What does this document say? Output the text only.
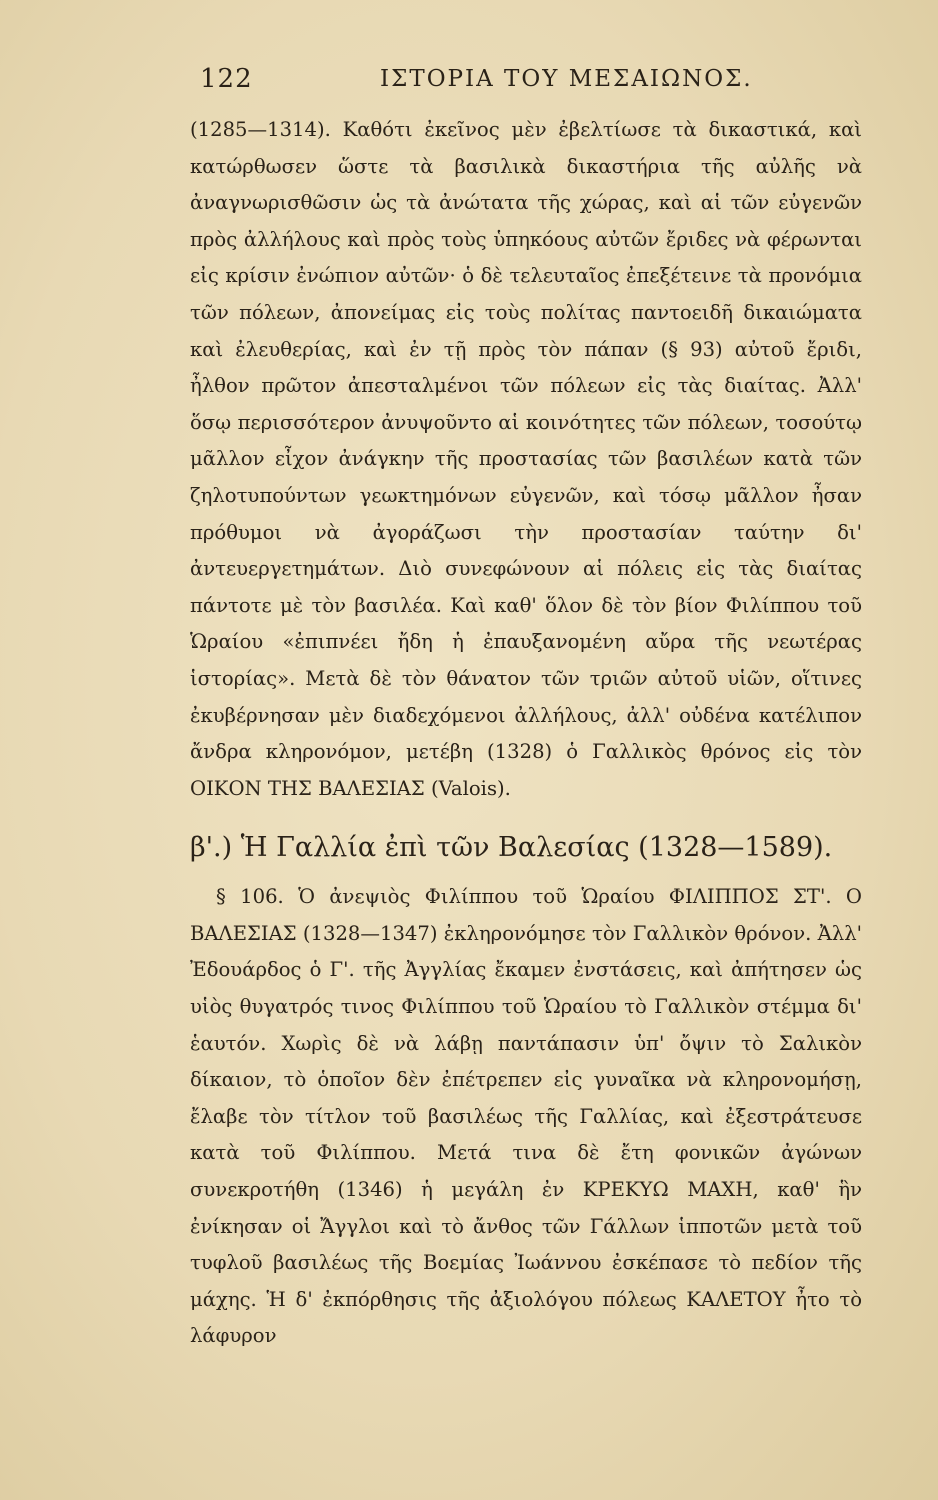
122	ΙΣΤΟΡΙΑ ΤΟΥ ΜΕΣΑΙΩΝΟΣ.

(1285—1314). Καθότι ἐκεῖνος μὲν ἐβελτίωσε τὰ δικαστικά, καὶ κατώρθωσεν ὥστε τὰ βασιλικὰ δικαστήρια τῆς αὐλῆς νὰ ἀναγνωρισθῶσιν ὡς τὰ ἀνώτατα τῆς χώρας, καὶ αἱ τῶν εὐγενῶν πρὸς ἀλλήλους καὶ πρὸς τοὺς ὑπηκόους αὐτῶν ἔριδες νὰ φέρωνται εἰς κρίσιν ἐνώπιον αὐτῶν· ὁ δὲ τελευταῖος ἐπεξέτεινε τὰ προνόμια τῶν πόλεων, ἀπονείμας εἰς τοὺς πολίτας παντοειδῆ δικαιώματα καὶ ἐλευθερίας, καὶ ἐν τῇ πρὸς τὸν πάπαν (§ 93) αὐτοῦ ἔριδι, ἦλθον πρῶτον ἀπεσταλμένοι τῶν πόλεων εἰς τὰς διαίτας. Ἀλλ' ὅσῳ περισσότερον ἀνυψοῦντο αἱ κοινότητες τῶν πόλεων, τοσούτῳ μᾶλλον εἶχον ἀνάγκην τῆς προστασίας τῶν βασιλέων κατὰ τῶν ζηλοτυπούντων γεωκτημόνων εὐγενῶν, καὶ τόσῳ μᾶλλον ἦσαν πρόθυμοι νὰ ἀγοράζωσι τὴν προστασίαν ταύτην δι' ἀντευεργετημάτων. Διὸ συνεφώνουν αἱ πόλεις εἰς τὰς διαίτας πάντοτε μὲ τὸν βασιλέα. Καὶ καθ' ὅλον δὲ τὸν βίον Φιλίππου τοῦ Ὡραίου «ἐπιπνέει ἤδη ἡ ἐπαυξανομένη αὔρα τῆς νεωτέρας ἱστορίας». Μετὰ δὲ τὸν θάνατον τῶν τριῶν αὐτοῦ υἱῶν, οἵτινες ἐκυβέρνησαν μὲν διαδεχόμενοι ἀλλήλους, ἀλλ' οὐδένα κατέλιπον ἄνδρα κληρονόμον, μετέβη (1328) ὁ Γαλλικὸς θρόνος εἰς τὸν ΟΙΚΟΝ ΤΗΣ ΒΑΛΕΣΙΑΣ (Valois).

β'.) Ἡ Γαλλία ἐπὶ τῶν Βαλεσίας (1328—1589).

§ 106. Ὁ ἀνεψιὸς Φιλίππου τοῦ Ὡραίου ΦΙΛΙΠΠΟΣ ΣΤ'. Ο ΒΑΛΕΣΙΑΣ (1328—1347) ἐκληρονόμησε τὸν Γαλλικὸν θρόνον. Ἀλλ' Ἐδουάρδος ὁ Γ'. τῆς Ἀγγλίας ἔκαμεν ἐνστάσεις, καὶ ἀπήτησεν ὡς υἱὸς θυγατρός τινος Φιλίππου τοῦ Ὡραίου τὸ Γαλλικὸν στέμμα δι' ἑαυτόν. Χωρὶς δὲ νὰ λάβῃ παντάπασιν ὑπ' ὄψιν τὸ Σαλικὸν δίκαιον, τὸ ὁποῖον δὲν ἐπέτρεπεν εἰς γυναῖκα νὰ κληρονομήσῃ, ἔλαβε τὸν τίτλον τοῦ βασιλέως τῆς Γαλλίας, καὶ ἐξεστράτευσε κατὰ τοῦ Φιλίππου. Μετά τινα δὲ ἔτη φονικῶν ἀγώνων συνεκροτήθη (1346) ἡ μεγάλη ἐν ΚΡΕΚΥΩ ΜΑΧΗ, καθ' ἣν ἐνίκησαν οἱ Ἄγγλοι καὶ τὸ ἄνθος τῶν Γάλλων ἱπποτῶν μετὰ τοῦ τυφλοῦ βασιλέως τῆς Βοεμίας Ἰωάννου ἐσκέπασε τὸ πεδίον τῆς μάχης. Ἡ δ' ἐκπόρθησις τῆς ἀξιολόγου πόλεως ΚΑΛΕΤΟΥ ἦτο τὸ λάφυρον
